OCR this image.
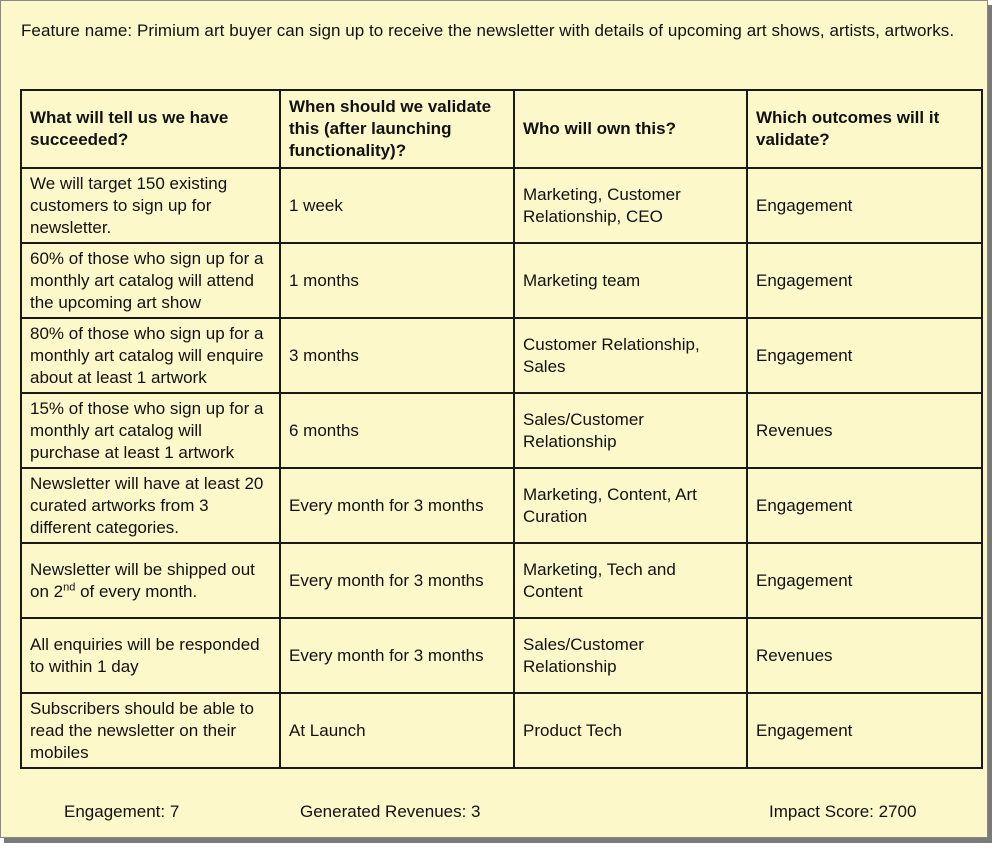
Feature name: Primium art buyer can sign up to receive the newsletter with details of upcoming art shows, artists, artworks.
What will tell us we have succeeded?	When should we validate this (after launching functionality)?	Who will own this?	Which outcomes will it validate?
We will target 150 existing customers to sign up for newsletter.	1 week	Marketing, Customer Relationship, CEO	Engagement
60% of those who sign up for a monthly art catalog will attend the upcoming art show	1 months	Marketing team	Engagement
80% of those who sign up for a monthly art catalog will enquire about at least 1 artwork	3 months	Customer Relationship, Sales	Engagement
15% of those who sign up for a monthly art catalog will purchase at least 1 artwork	6 months	Sales/Customer Relationship	Revenues
Newsletter will have at least 20 curated artworks from 3 different categories.	Every month for 3 months	Marketing, Content, Art Curation	Engagement
Newsletter will be shipped out on 2nd of every month.	Every month for 3 months	Marketing, Tech and Content	Engagement
All enquiries will be responded to within 1 day	Every month for 3 months	Sales/Customer Relationship	Revenues
Subscribers should be able to read the newsletter on their mobiles	At Launch	Product Tech	Engagement
Engagement: 7	Generated Revenues: 3	Impact Score: 2700
